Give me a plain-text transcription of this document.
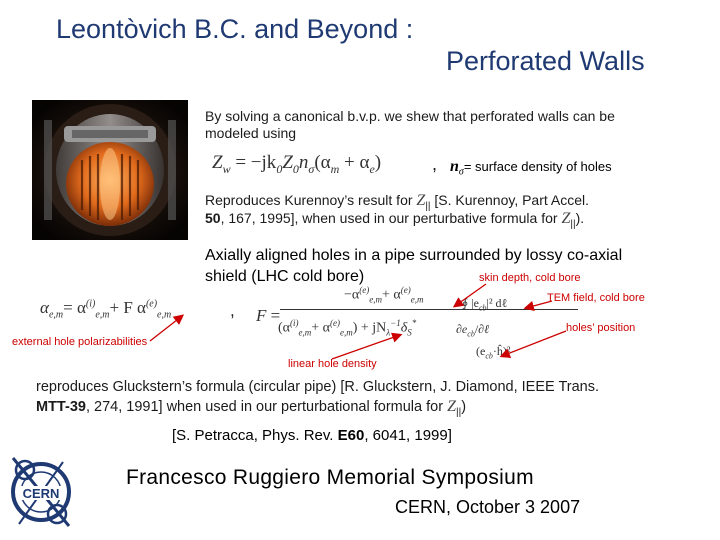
Leontòvich B.C. and Beyond :
Perforated Walls
By solving a canonical b.v.p. we shew that perforated walls can be
modeled using
$Z_w = -jk_0Z_0n_\sigma(\alpha_m + \alpha_e)$	, $n_\sigma=$ surface density of holes
Reproduces Kurennoy’s result for $Z_{||}$ [S. Kurennoy, Part Accel.
50, 167, 1995], when used in our perturbative formula for $Z_{||}$).
Axially aligned holes in a pipe surrounded by lossy co-axial
shield (LHC cold bore)	skin depth, cold bore
TEM field, cold bore
holes’ position
external hole polarizabilities
linear hole density
$\alpha_{e,m}= \alpha^{(i)}_{e,m}+ F$ $\alpha^{(e)}_{e,m}$	, F =
$-\alpha^{(e)}_{e,m}+ \alpha^{(e)}_{e,m}$
$(\alpha^{(i)}_{e,m}+ \alpha^{(e)}_{e,m}) + jN_\lambda^{-1}\delta_S^*$
∮ $|e_{cb}|^2$ dℓ
$\partial e_{cb}/\partial\ell$
$(e_{cb}\cdot ĥ)^2$
reproduces Gluckstern’s formula (circular pipe) [R. Gluckstern, J. Diamond, IEEE Trans.
MTT-39, 274, 1991] when used in our perturbational formula for $Z_{||}$)
[S. Petracca, Phys. Rev. E60, 6041, 1999]
CERN
Francesco Ruggiero Memorial Symposium
CERN, October 3 2007
